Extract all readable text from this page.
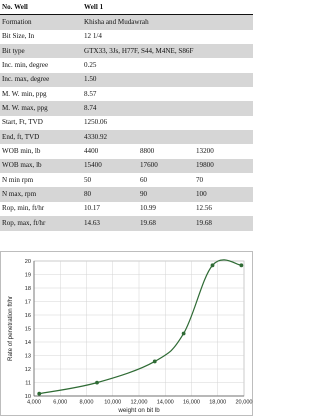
No. Well	Well 1		
Formation	Khisha and Mudawrah		
Bit Size, In	12 1/4		
Bit type	GTX33, 3Js, H77F, S44, M4NE, S86F		
Inc. min, degree	0.25		
Inc. max, degree	1.50		
M. W. min, ppg	8.57		
M. W. max, ppg	8.74		
Start, Ft, TVD	1250.06		
End, ft, TVD	4330.92		
WOB min, lb	4400	8800	13200
WOB max, lb	15400	17600	19800
N min rpm	50	60	70
N max, rpm	80	90	100
Rop, min, ft/hr	10.17	10.99	12.56
Rop, max, ft/hr	14.63	19.68	19.68
4,000 6,000 8,000 10,000 12,000 14,000 16,000 18,000 20,000
10
11
12
13
14
15
16
17
18
19
20
weight on bit lb
Rate of penetration ft/hr
